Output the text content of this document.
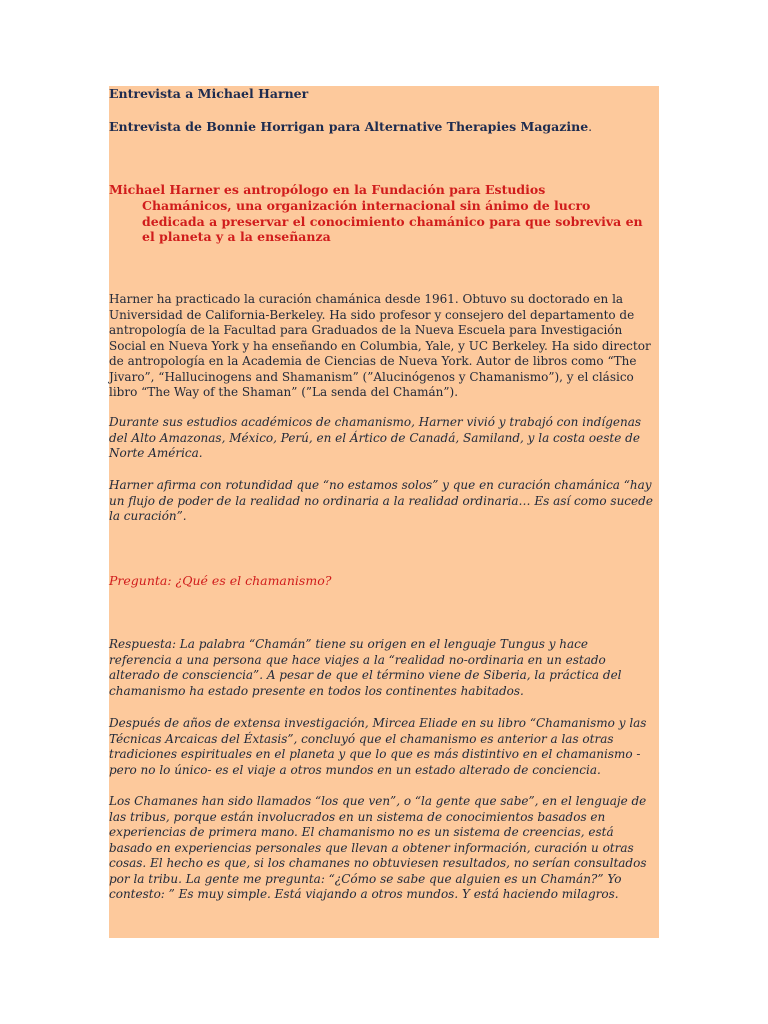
Entrevista a Michael Harner

Entrevista de Bonnie Horrigan para Alternative Therapies Magazine.

Michael Harner es antropólogo en la Fundación para Estudios
Chamánicos, una organización internacional sin ánimo de lucro dedicada a preservar el conocimiento chamánico para que sobreviva en el planeta y a la enseñanza

Harner ha practicado la curación chamánica desde 1961. Obtuvo su doctorado en la Universidad de California-Berkeley. Ha sido profesor y consejero del departamento de antropología de la Facultad para Graduados de la Nueva Escuela para Investigación Social en Nueva York y ha enseñando en Columbia, Yale, y UC Berkeley. Ha sido director de antropología en la Academia de Ciencias de Nueva York. Autor de libros como “The Jivaro”, “Hallucinogens and Shamanism” (”Alucinógenos y Chamanismo”), y el clásico libro “The Way of the Shaman” (”La senda del Chamán”).

Durante sus estudios académicos de chamanismo, Harner vivió y trabajó con indígenas del Alto Amazonas, México, Perú, en el Ártico de Canadá, Samiland, y la costa oeste de Norte América.

Harner afirma con rotundidad que “no estamos solos” y que en curación chamánica “hay un flujo de poder de la realidad no ordinaria a la realidad ordinaria… Es así como sucede la curación”.

Pregunta: ¿Qué es el chamanismo?

Respuesta: La palabra “Chamán” tiene su origen en el lenguaje Tungus y hace referencia a una persona que hace viajes a la “realidad no-ordinaria en un estado alterado de consciencia”. A pesar de que el término viene de Siberia, la práctica del chamanismo ha estado presente en todos los continentes habitados.

Después de años de extensa investigación, Mircea Eliade en su libro “Chamanismo y las Técnicas Arcaicas del Éxtasis”, concluyó que el chamanismo es anterior a las otras tradiciones espirituales en el planeta y que lo que es más distintivo en el chamanismo -pero no lo único- es el viaje a otros mundos en un estado alterado de conciencia.

Los Chamanes han sido llamados “los que ven”, o “la gente que sabe”, en el lenguaje de las tribus, porque están involucrados en un sistema de conocimientos basados en experiencias de primera mano. El chamanismo no es un sistema de creencias, está basado en experiencias personales que llevan a obtener información, curación u otras cosas. El hecho es que, si los chamanes no obtuviesen resultados, no serían consultados por la tribu. La gente me pregunta: “¿Cómo se sabe que alguien es un Chamán?” Yo contesto: ” Es muy simple. Está viajando a otros mundos. Y está haciendo milagros.
